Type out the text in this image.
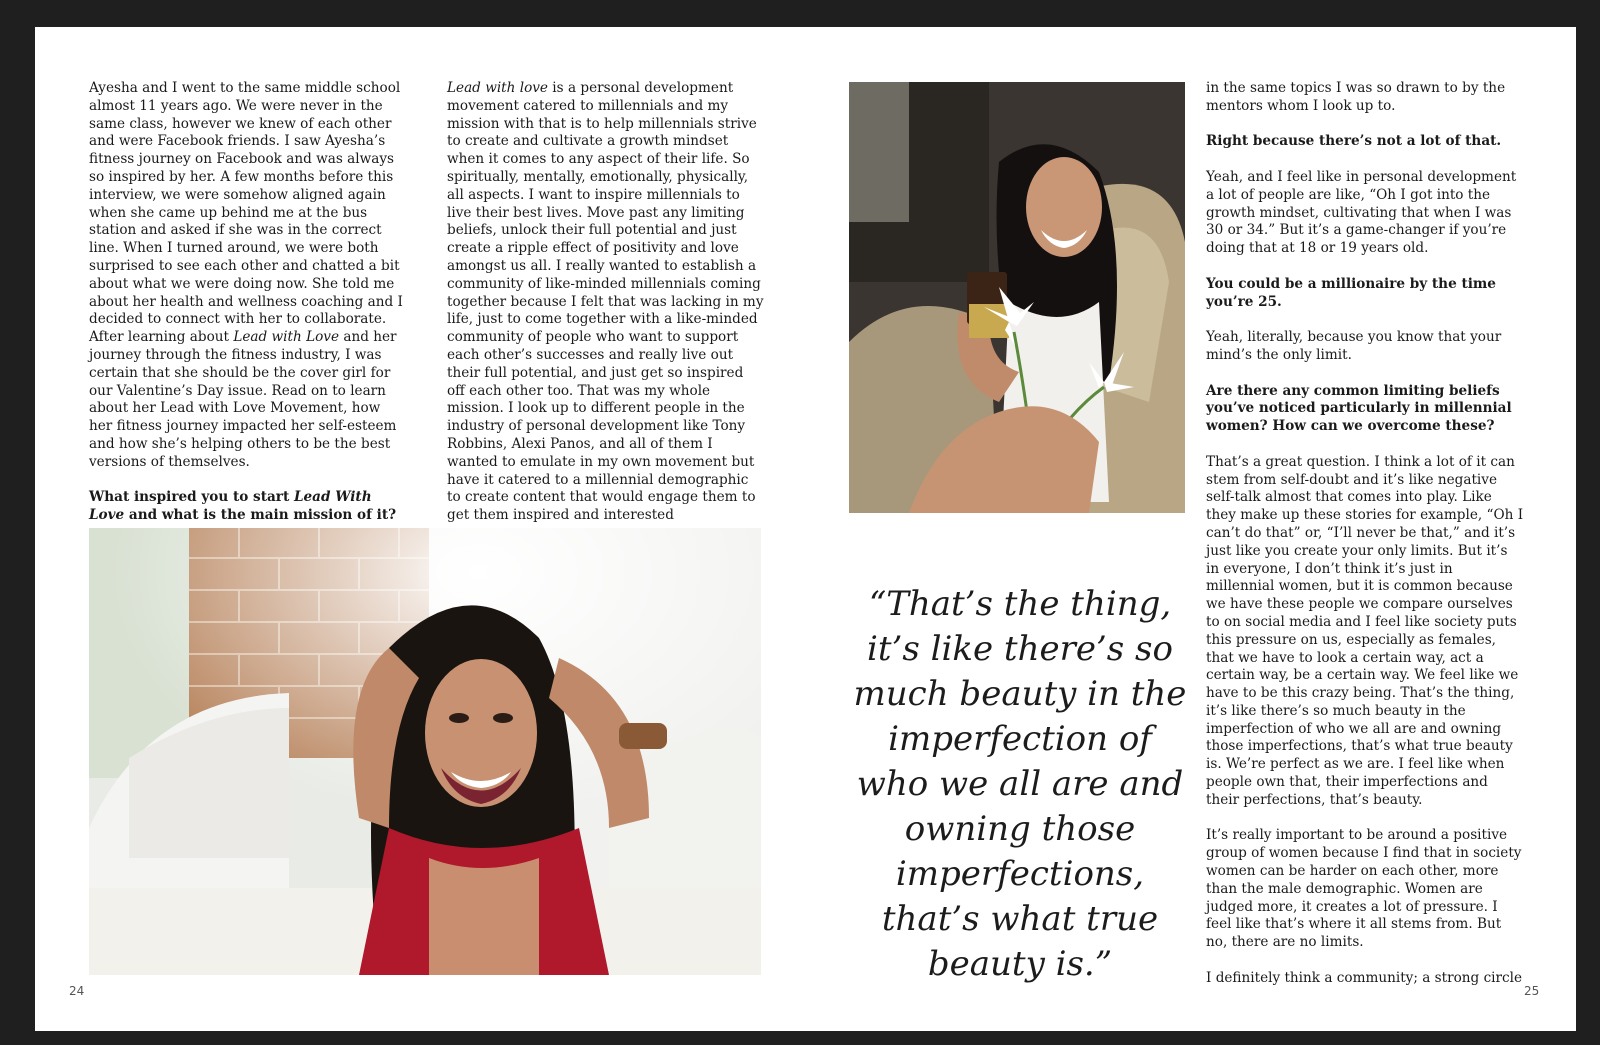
Ayesha and I went to the same middle school almost 11 years ago. We were never in the same class, however we knew of each other and were Facebook friends. I saw Ayesha’s fitness journey on Facebook and was always so inspired by her. A few months before this interview, we were somehow aligned again when she came up behind me at the bus station and asked if she was in the correct line. When I turned around, we were both surprised to see each other and chatted a bit about what we were doing now. She told me about her health and wellness coaching and I decided to connect with her to collaborate. After learning about Lead with Love and her journey through the fitness industry, I was certain that she should be the cover girl for our Valentine’s Day issue. Read on to learn about her Lead with Love Movement, how her fitness journey impacted her self-esteem and how she’s helping others to be the best versions of themselves.

What inspired you to start Lead With Love and what is the main mission of it?

Lead with love is a personal development movement catered to millennials and my mission with that is to help millennials strive to create and cultivate a growth mindset when it comes to any aspect of their life. So spiritually, mentally, emotionally, physically, all aspects. I want to inspire millennials to live their best lives. Move past any limiting beliefs, unlock their full potential and just create a ripple effect of positivity and love amongst us all. I really wanted to establish a community of like-minded millennials coming together because I felt that was lacking in my life, just to come together with a like-minded community of people who want to support each other’s successes and really live out their full potential, and just get so inspired off each other too. That was my whole mission. I look up to different people in the industry of personal development like Tony Robbins, Alexi Panos, and all of them I wanted to emulate in my own movement but have it catered to a millennial demographic to create content that would engage them to get them inspired and interested

“That’s the thing, it’s like there’s so much beauty in the imperfection of who we all are and owning those imperfections, that’s what true beauty is.”

in the same topics I was so drawn to by the mentors whom I look up to.

Right because there’s not a lot of that.

Yeah, and I feel like in personal development a lot of people are like, “Oh I got into the growth mindset, cultivating that when I was 30 or 34.” But it’s a game-changer if you’re doing that at 18 or 19 years old.

You could be a millionaire by the time you’re 25.

Yeah, literally, because you know that your mind’s the only limit.

Are there any common limiting beliefs you’ve noticed particularly in millennial women? How can we overcome these?

That’s a great question. I think a lot of it can stem from self-doubt and it’s like negative self-talk almost that comes into play. Like they make up these stories for example, “Oh I can’t do that” or, “I’ll never be that,” and it’s just like you create your only limits. But it’s in everyone, I don’t think it’s just in millennial women, but it is common because we have these people we compare ourselves to on social media and I feel like society puts this pressure on us, especially as females, that we have to look a certain way, act a certain way, be a certain way. We feel like we have to be this crazy being. That’s the thing, it’s like there’s so much beauty in the imperfection of who we all are and owning those imperfections, that’s what true beauty is. We’re perfect as we are. I feel like when people own that, their imperfections and their perfections, that’s beauty.

It’s really important to be around a positive group of women because I find that in society women can be harder on each other, more than the male demographic. Women are judged more, it creates a lot of pressure. I feel like that’s where it all stems from. But no, there are no limits.

I definitely think a community; a strong circle

24	25
